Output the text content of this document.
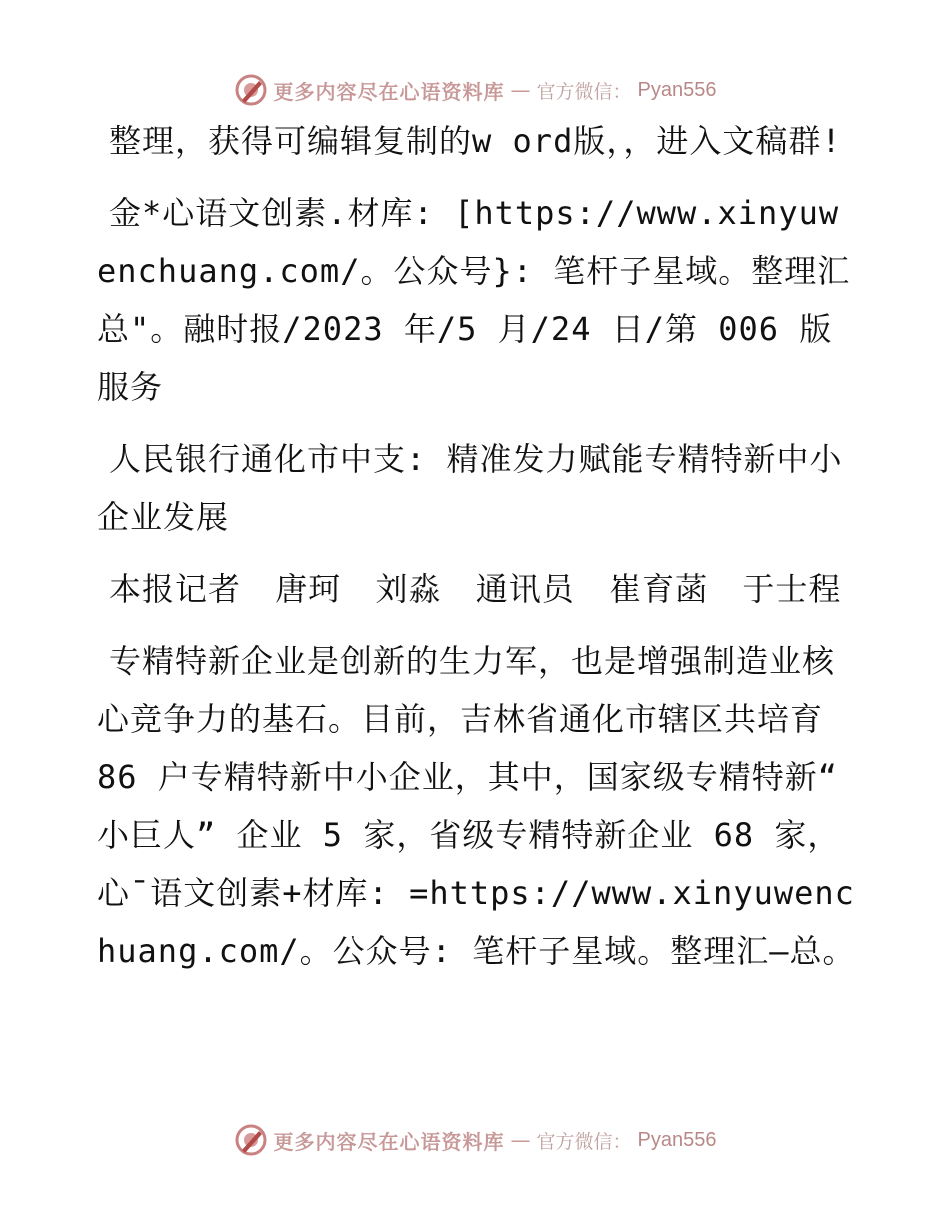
更多内容尽在心语资料库 — 官方微信： Pyan556

整理，获得可编辑复制的w ord版，，进入文稿群!

金*心语文创素.材库: [https://www.xinyuwenchuang.com/。公众号}: 笔杆子星域。整理汇总"。融时报/2023 年/5 月/24 日/第 006 版服务

人民银行通化市中支: 精准发力赋能专精特新中小企业发展

本报记者 唐珂 刘淼 通讯员 崔育菡 于士程

专精特新企业是创新的生力军，也是增强制造业核心竞争力的基石。目前，吉林省通化市辖区共培育 86 户专精特新中小企业，其中，国家级专精特新“ 小巨人” 企业 5 家，省级专精特新企业 68 家，心¯语文创素+材库: =https://www.xinyuwenchuang.com/。公众号: 笔杆子星域。整理汇—总。

更多内容尽在心语资料库 — 官方微信： Pyan556
